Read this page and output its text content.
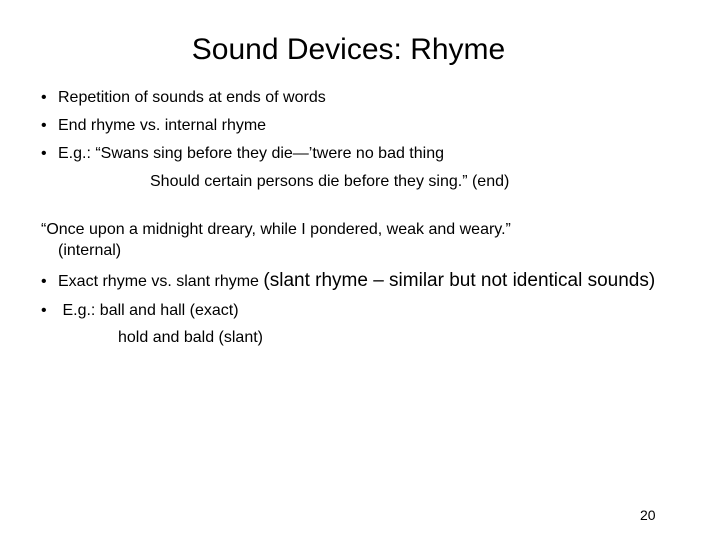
Sound Devices: Rhyme
• Repetition of sounds at ends of words
• End rhyme vs. internal rhyme
• E.g.: “Swans sing before they die—’twere no bad thing
Should certain persons die before they sing.” (end)
“Once upon a midnight dreary, while I pondered, weak and weary.”
(internal)
• Exact rhyme vs. slant rhyme (slant rhyme – similar but not identical sounds)
• E.g.: ball and hall (exact)
hold and bald (slant)
20
